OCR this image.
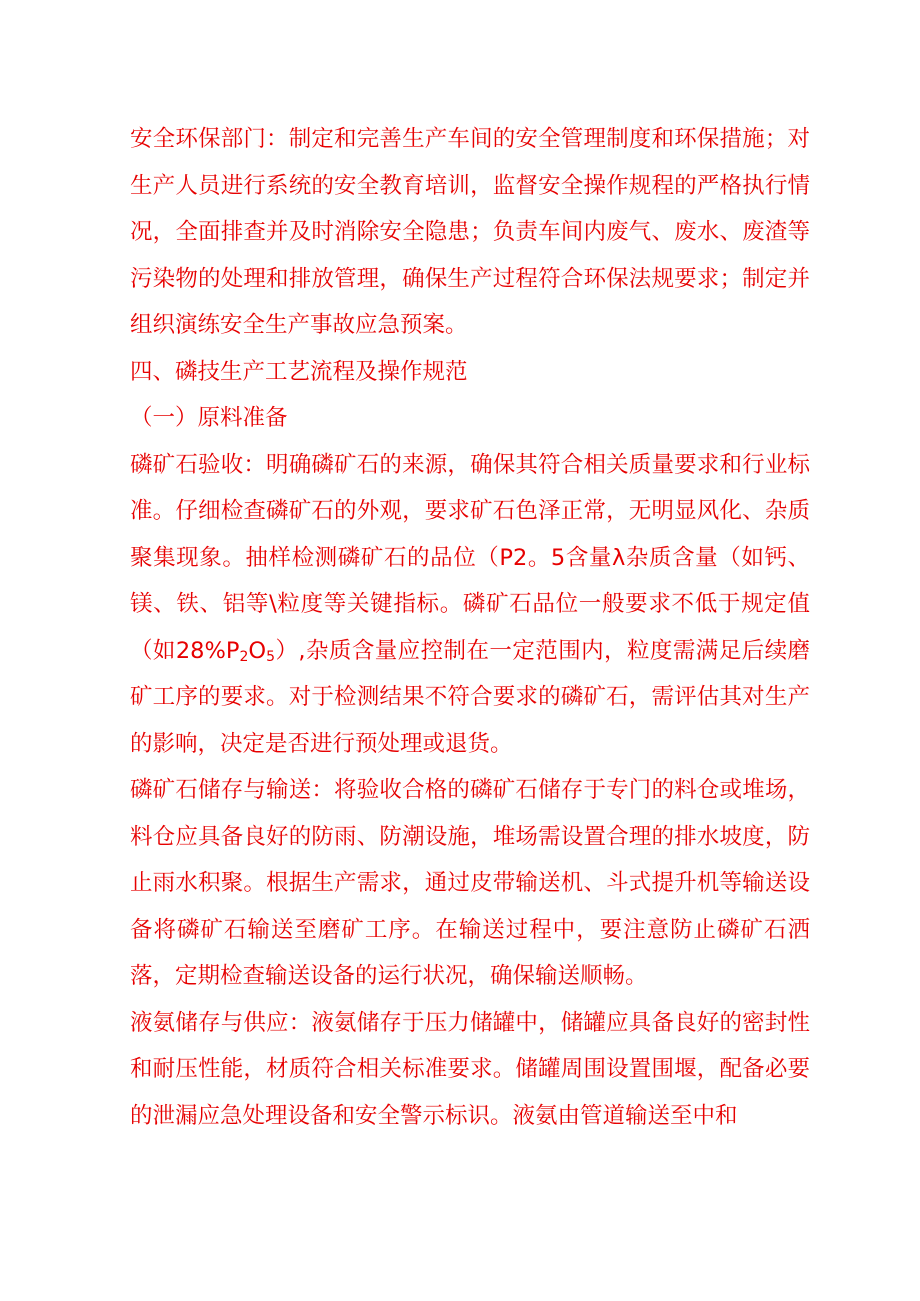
安全环保部门：制定和完善生产车间的安全管理制度和环保措施；对生产人员进行系统的安全教育培训，监督安全操作规程的严格执行情况，全面排查并及时消除安全隐患；负责车间内废气、废水、废渣等污染物的处理和排放管理，确保生产过程符合环保法规要求；制定并组织演练安全生产事故应急预案。

四、磷技生产工艺流程及操作规范

（一）原料准备

磷矿石验收：明确磷矿石的来源，确保其符合相关质量要求和行业标准。仔细检查磷矿石的外观，要求矿石色泽正常，无明显风化、杂质聚集现象。抽样检测磷矿石的品位（P2。5含量λ杂质含量（如钙、镁、铁、铝等\粒度等关键指标。磷矿石品位一般要求不低于规定值（如$28\%P_2O_5$）,杂质含量应控制在一定范围内，粒度需满足后续磨矿工序的要求。对于检测结果不符合要求的磷矿石，需评估其对生产的影响，决定是否进行预处理或退货。

磷矿石储存与输送：将验收合格的磷矿石储存于专门的料仓或堆场，料仓应具备良好的防雨、防潮设施，堆场需设置合理的排水坡度，防止雨水积聚。根据生产需求，通过皮带输送机、斗式提升机等输送设备将磷矿石输送至磨矿工序。在输送过程中，要注意防止磷矿石洒落，定期检查输送设备的运行状况，确保输送顺畅。

液氨储存与供应：液氨储存于压力储罐中，储罐应具备良好的密封性和耐压性能，材质符合相关标准要求。储罐周围设置围堰，配备必要的泄漏应急处理设备和安全警示标识。液氨由管道输送至中和
